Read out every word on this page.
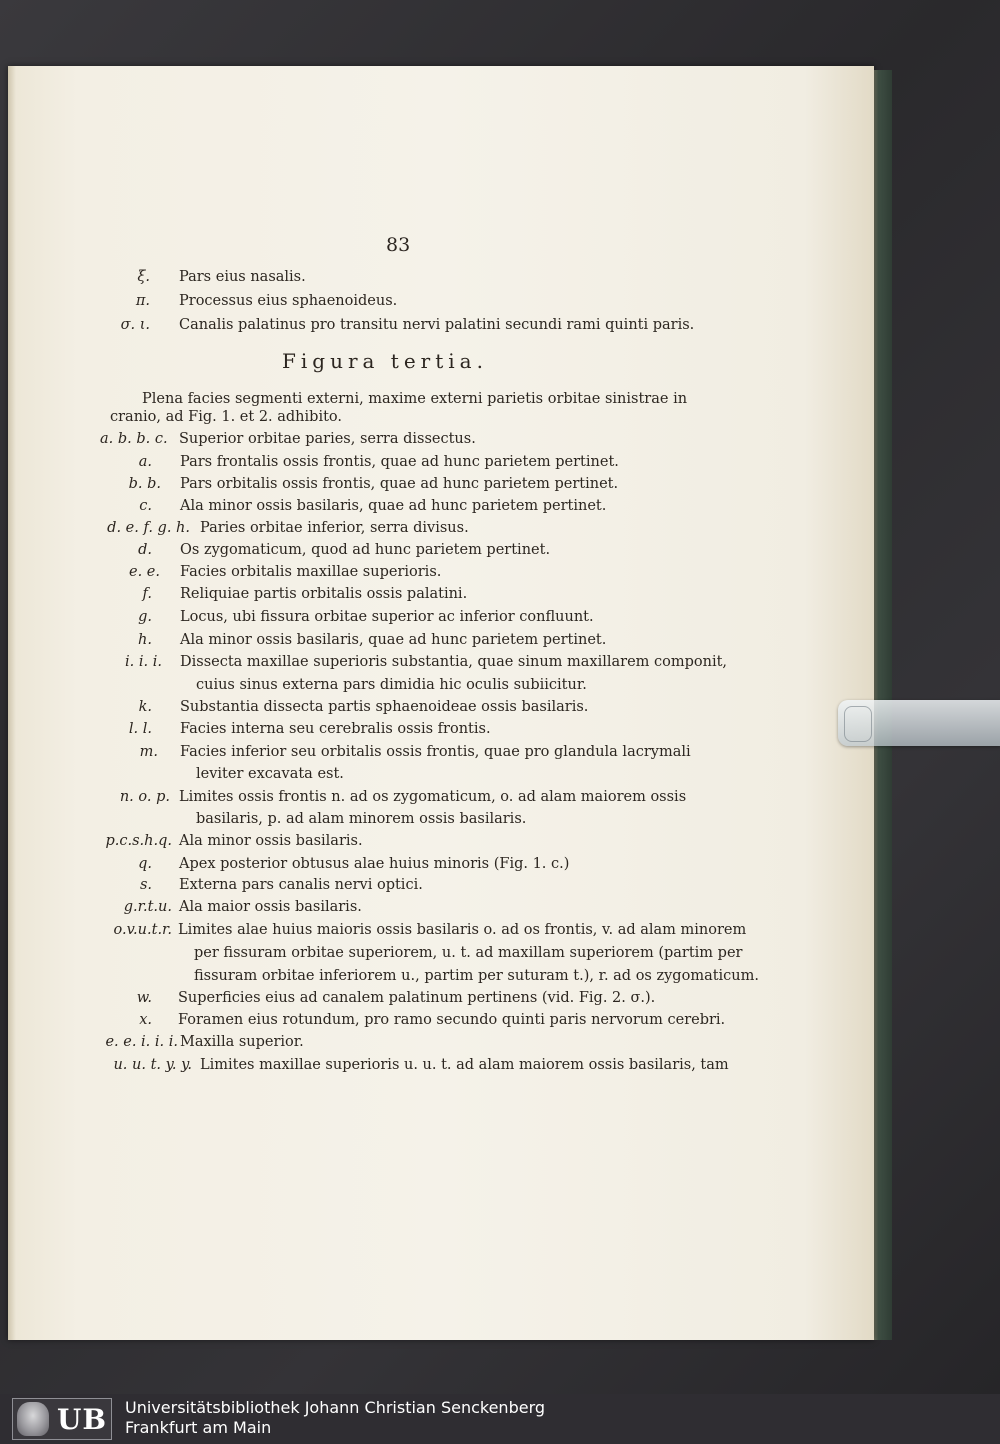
83
ξ. Pars eius nasalis.
π. Processus eius sphaenoideus.
σ. ι. Canalis palatinus pro transitu nervi palatini secundi rami quinti paris.
Figura tertia.
Plena facies segmenti externi, maxime externi parietis orbitae sinistrae in
cranio, ad Fig. 1. et 2. adhibito.
a. b. b. c. Superior orbitae paries, serra dissectus.
a. Pars frontalis ossis frontis, quae ad hunc parietem pertinet.
b. b. Pars orbitalis ossis frontis, quae ad hunc parietem pertinet.
c. Ala minor ossis basilaris, quae ad hunc parietem pertinet.
d. e. f. g. h. Paries orbitae inferior, serra divisus.
d. Os zygomaticum, quod ad hunc parietem pertinet.
e. e. Facies orbitalis maxillae superioris.
f. Reliquiae partis orbitalis ossis palatini.
g. Locus, ubi fissura orbitae superior ac inferior confluunt.
h. Ala minor ossis basilaris, quae ad hunc parietem pertinet.
i. i. i. Dissecta maxillae superioris substantia, quae sinum maxillarem componit,
cuius sinus externa pars dimidia hic oculis subiicitur.
k. Substantia dissecta partis sphaenoideae ossis basilaris.
l. l. Facies interna seu cerebralis ossis frontis.
m. Facies inferior seu orbitalis ossis frontis, quae pro glandula lacrymali
leviter excavata est.
n. o. p. Limites ossis frontis n. ad os zygomaticum, o. ad alam maiorem ossis
basilaris, p. ad alam minorem ossis basilaris.
p.c.s.h.q. Ala minor ossis basilaris.
q. Apex posterior obtusus alae huius minoris (Fig. 1. c.)
s. Externa pars canalis nervi optici.
g.r.t.u. Ala maior ossis basilaris.
o.v.u.t.r. Limites alae huius maioris ossis basilaris o. ad os frontis, v. ad alam minorem
per fissuram orbitae superiorem, u. t. ad maxillam superiorem (partim per
fissuram orbitae inferiorem u., partim per suturam t.), r. ad os zygomaticum.
w. Superficies eius ad canalem palatinum pertinens (vid. Fig. 2. σ.).
x. Foramen eius rotundum, pro ramo secundo quinti paris nervorum cerebri.
e. e. i. i. i. Maxilla superior.
u. u. t. y. y. Limites maxillae superioris u. u. t. ad alam maiorem ossis basilaris, tam
UB Universitätsbibliothek Johann Christian Senckenberg
Frankfurt am Main
